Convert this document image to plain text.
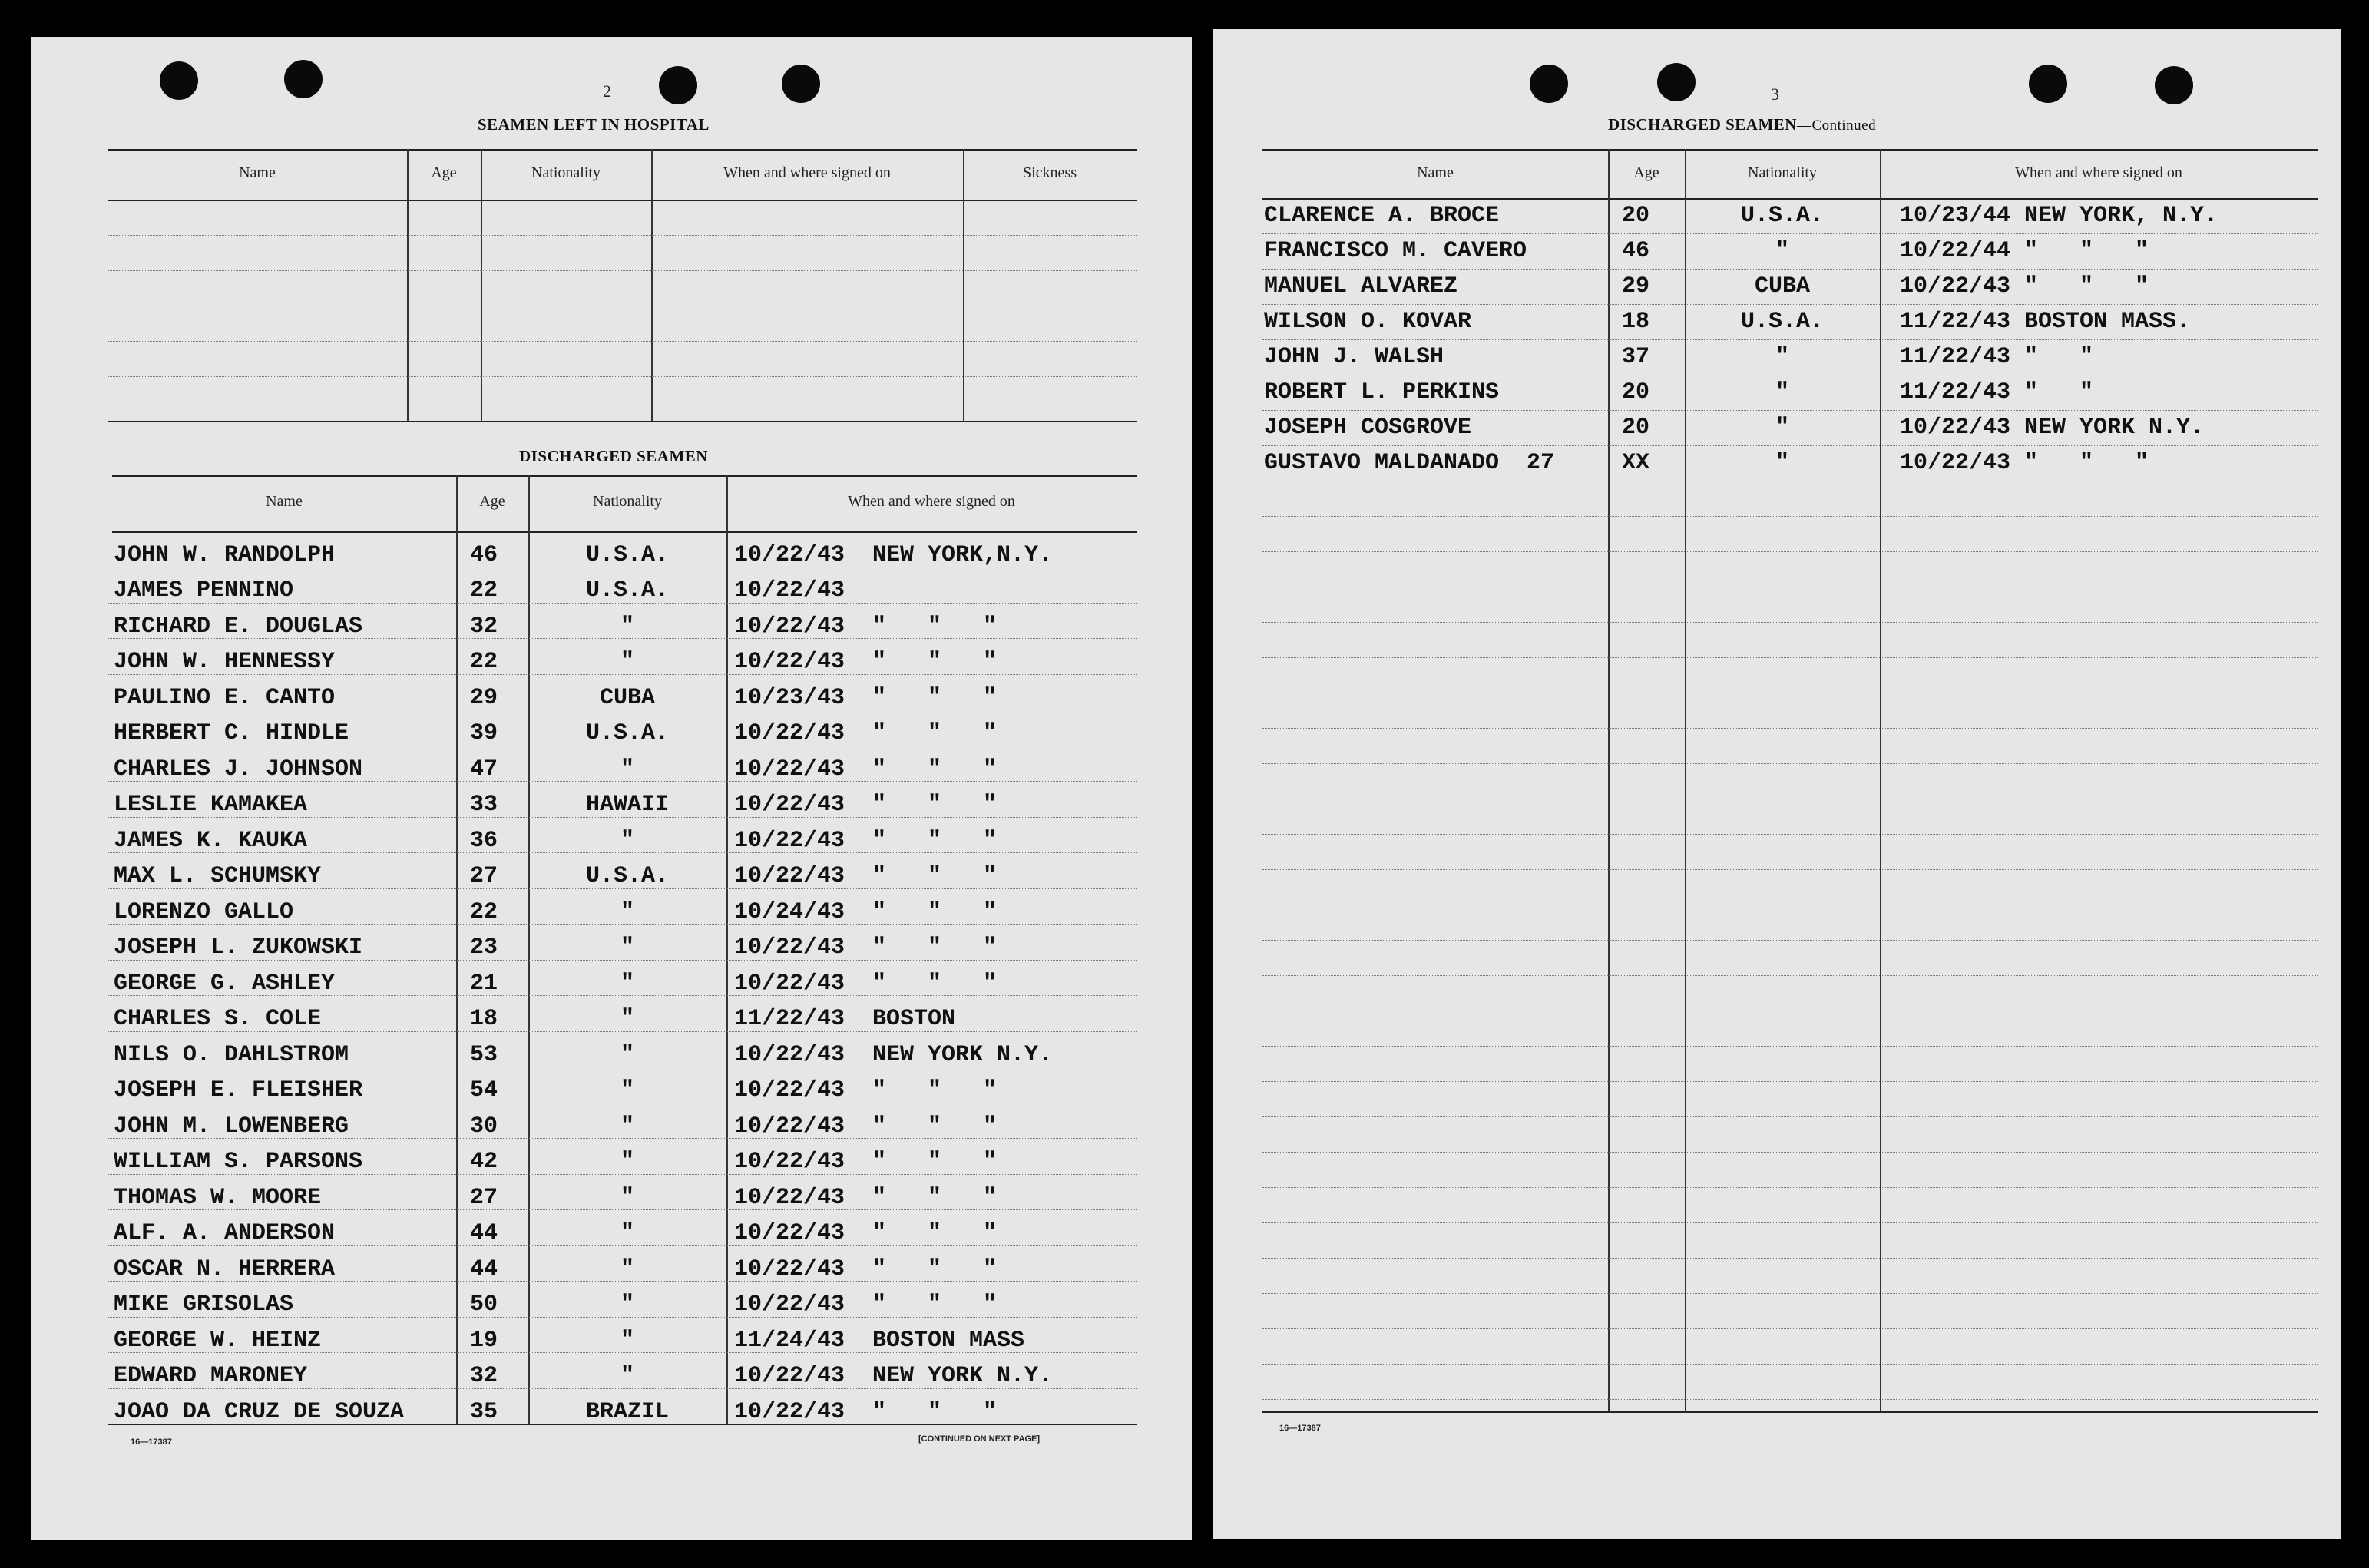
2
SEAMEN LEFT IN HOSPITAL
DISCHARGED SEAMEN
16—17387	[CONTINUED ON NEXT PAGE]
Name	Age	Nationality	When and where signed on	Sickness
Name	Age	Nationality	When and where signed on
JOHN W. RANDOLPH	46	U.S.A.	10/22/43  NEW YORK,N.Y.
JAMES PENNINO	22	U.S.A.	10/22/43
RICHARD E. DOUGLAS	32	"	10/22/43  "   "   "
JOHN W. HENNESSY	22	"	10/22/43  "   "   "
PAULINO E. CANTO	29	CUBA	10/23/43  "   "   "
HERBERT C. HINDLE	39	U.S.A.	10/22/43  "   "   "
CHARLES J. JOHNSON	47	"	10/22/43  "   "   "
LESLIE KAMAKEA	33	HAWAII	10/22/43  "   "   "
JAMES K. KAUKA	36	"	10/22/43  "   "   "
MAX L. SCHUMSKY	27	U.S.A.	10/22/43  "   "   "
LORENZO GALLO	22	"	10/24/43  "   "   "
JOSEPH L. ZUKOWSKI	23	"	10/22/43  "   "   "
GEORGE G. ASHLEY	21	"	10/22/43  "   "   "
CHARLES S. COLE	18	"	11/22/43  BOSTON
NILS O. DAHLSTROM	53	"	10/22/43  NEW YORK N.Y.
JOSEPH E. FLEISHER	54	"	10/22/43  "   "   "
JOHN M. LOWENBERG	30	"	10/22/43  "   "   "
WILLIAM S. PARSONS	42	"	10/22/43  "   "   "
THOMAS W. MOORE	27	"	10/22/43  "   "   "
ALF. A. ANDERSON	44	"	10/22/43  "   "   "
OSCAR N. HERRERA	44	"	10/22/43  "   "   "
MIKE GRISOLAS	50	"	10/22/43  "   "   "
GEORGE W. HEINZ	19	"	11/24/43  BOSTON MASS
EDWARD MARONEY	32	"	10/22/43  NEW YORK N.Y.
JOAO DA CRUZ DE SOUZA	35	BRAZIL	10/22/43  "   "   "
3
DISCHARGED SEAMEN—Continued
16—17387
Name	Age	Nationality	When and where signed on
CLARENCE A. BROCE	20	U.S.A.	10/23/44 NEW YORK, N.Y.
FRANCISCO M. CAVERO	46	"	10/22/44 "   "   "
MANUEL ALVAREZ	29	CUBA	10/22/43 "   "   "
WILSON O. KOVAR	18	U.S.A.	11/22/43 BOSTON MASS.
JOHN J. WALSH	37	"	11/22/43 "   "
ROBERT L. PERKINS	20	"	11/22/43 "   "
JOSEPH COSGROVE	20	"	10/22/43 NEW YORK N.Y.
GUSTAVO MALDANADO  27	XX	"	10/22/43 "   "   "
